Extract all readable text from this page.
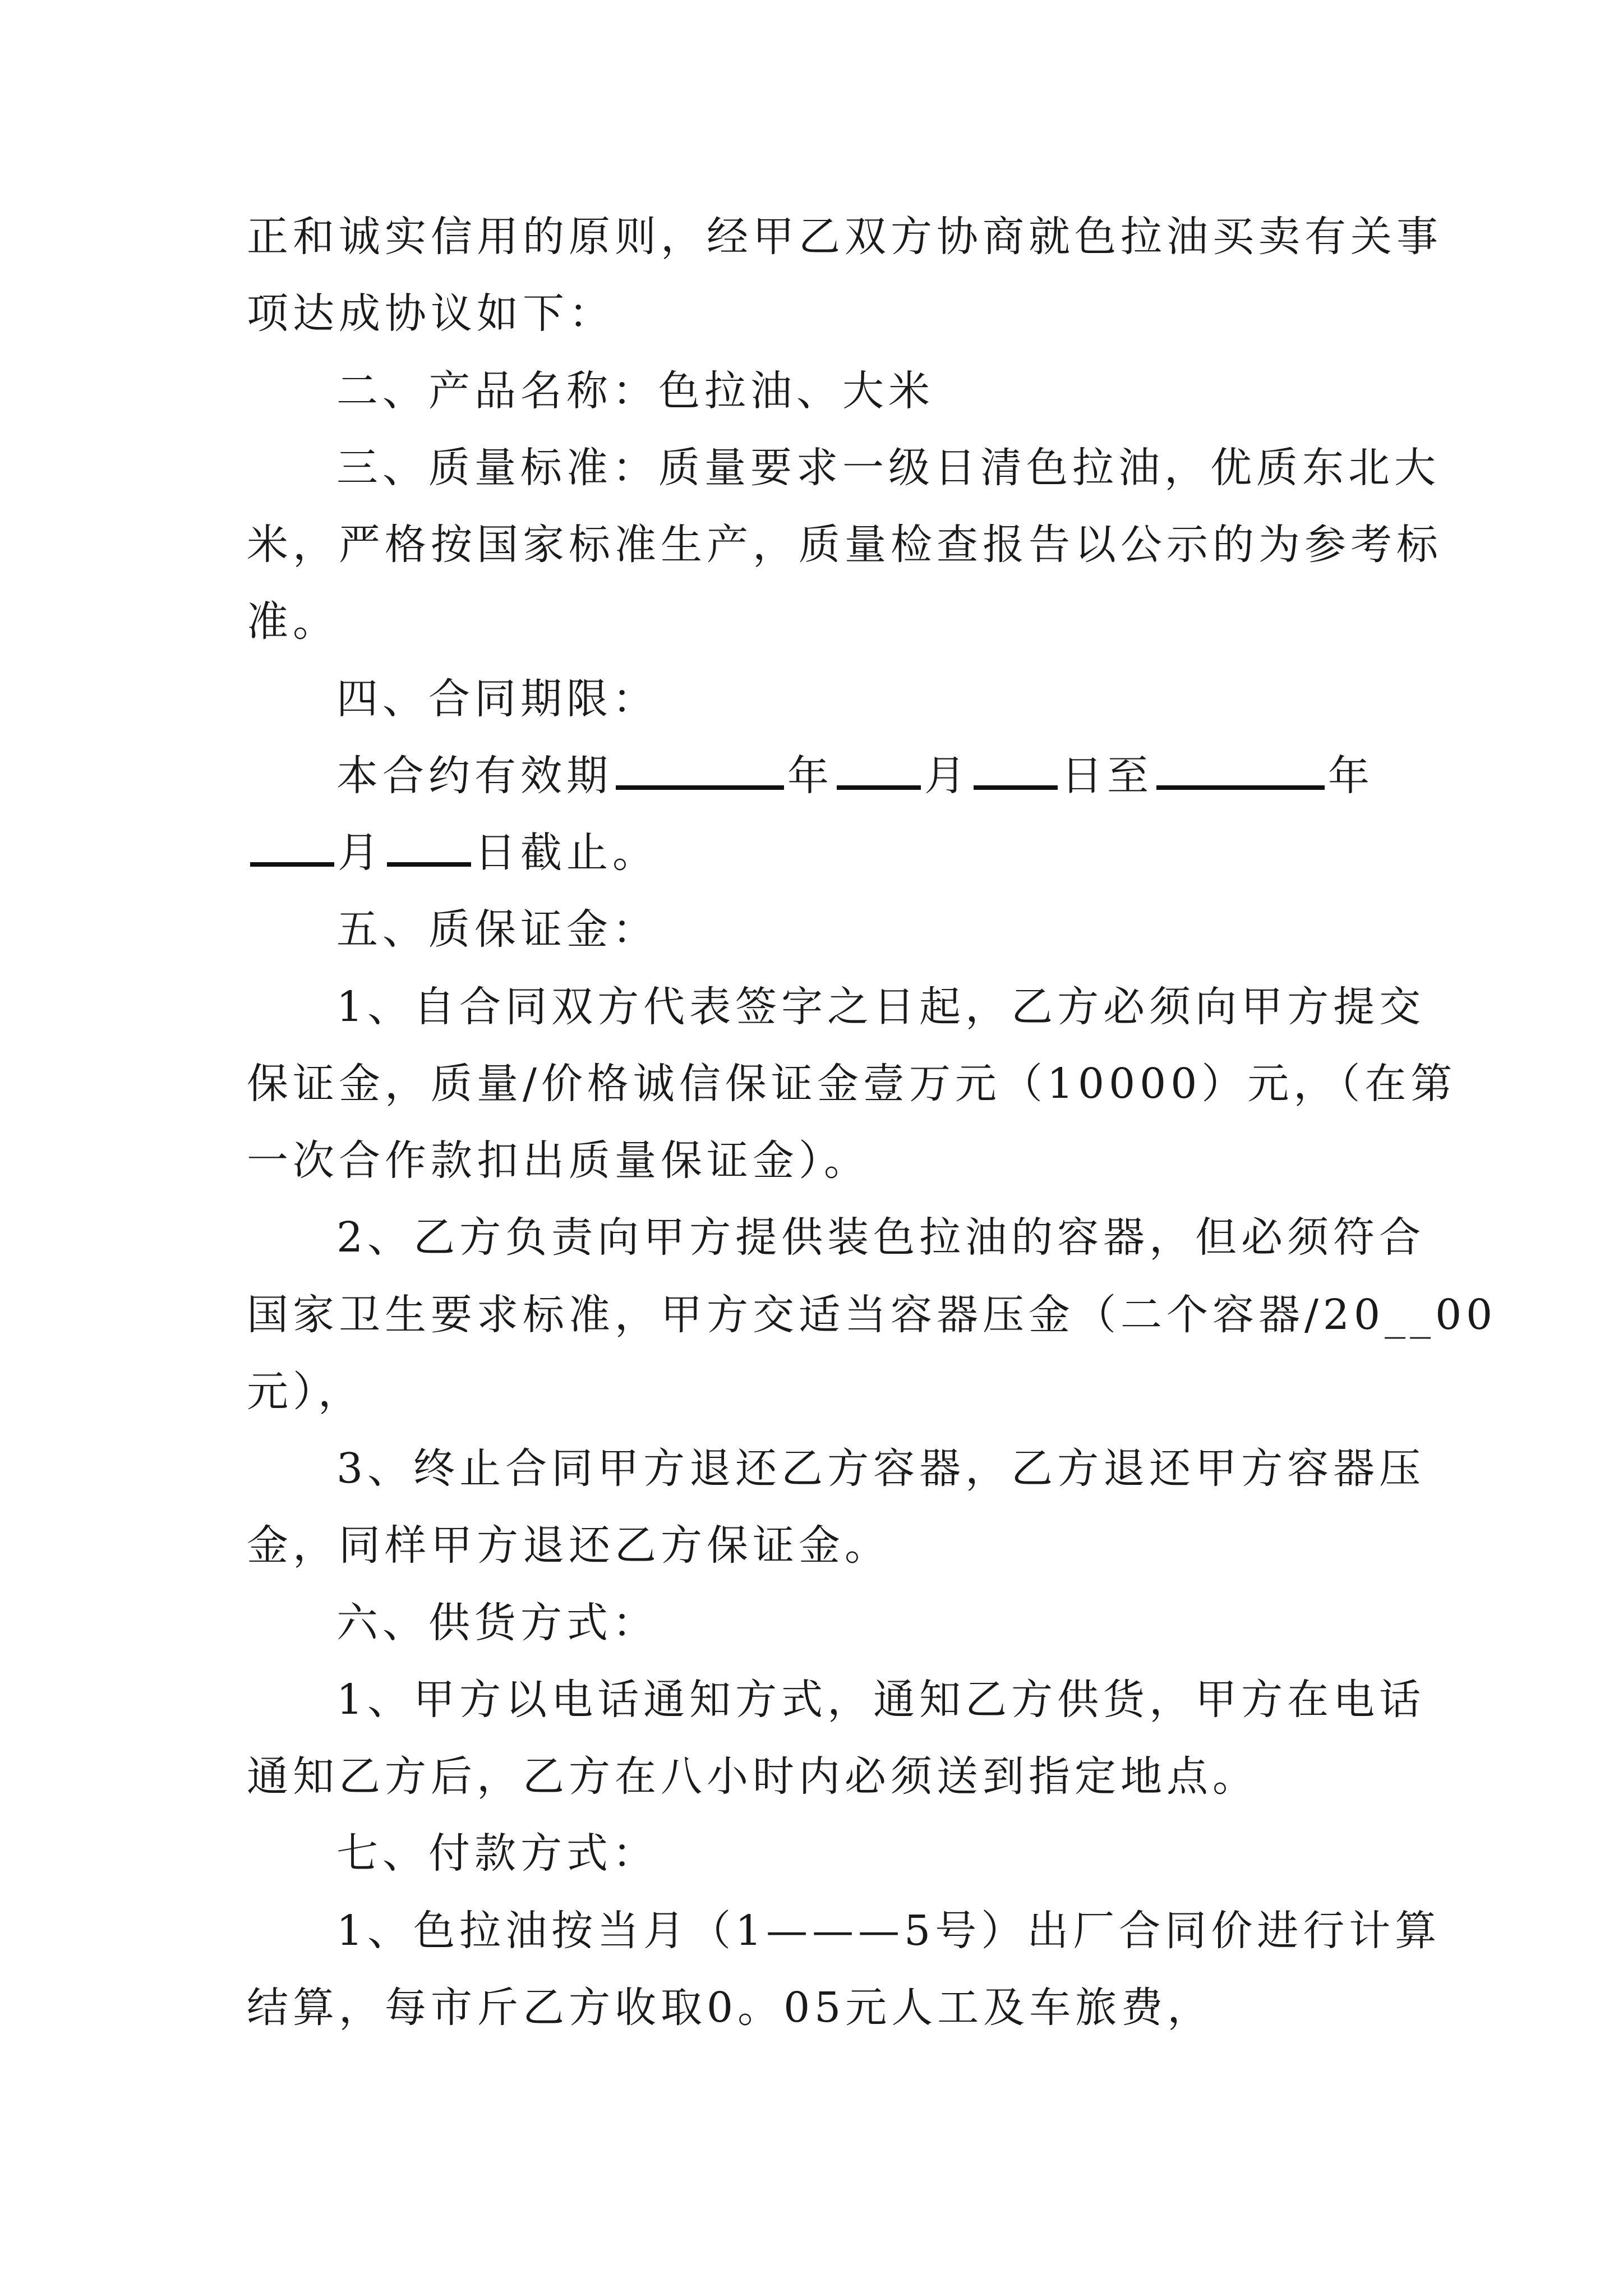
正和诚实信用的原则，经甲乙双方协商就色拉油买卖有关事
项达成协议如下：
二、产品名称：色拉油、大米
三、质量标准：质量要求一级日清色拉油，优质东北大
米，严格按国家标准生产，质量检查报告以公示的为参考标
准。
四、合同期限：
本合约有效期	年 月 日至	年
月 日截止。
五、质保证金：
1、自合同双方代表签字之日起，乙方必须向甲方提交
保证金，质量/价格诚信保证金壹万元（10000）元，（在第
一次合作款扣出质量保证金）。
2、乙方负责向甲方提供装色拉油的容器，但必须符合
国家卫生要求标准，甲方交适当容器压金（二个容器/20__00
元），
3、终止合同甲方退还乙方容器，乙方退还甲方容器压
金，同样甲方退还乙方保证金。
六、供货方式：
1、甲方以电话通知方式，通知乙方供货，甲方在电话
通知乙方后，乙方在八小时内必须送到指定地点。
七、付款方式：
1、色拉油按当月（1———5号）出厂合同价进行计算
结算，每市斤乙方收取0。05元人工及车旅费，
